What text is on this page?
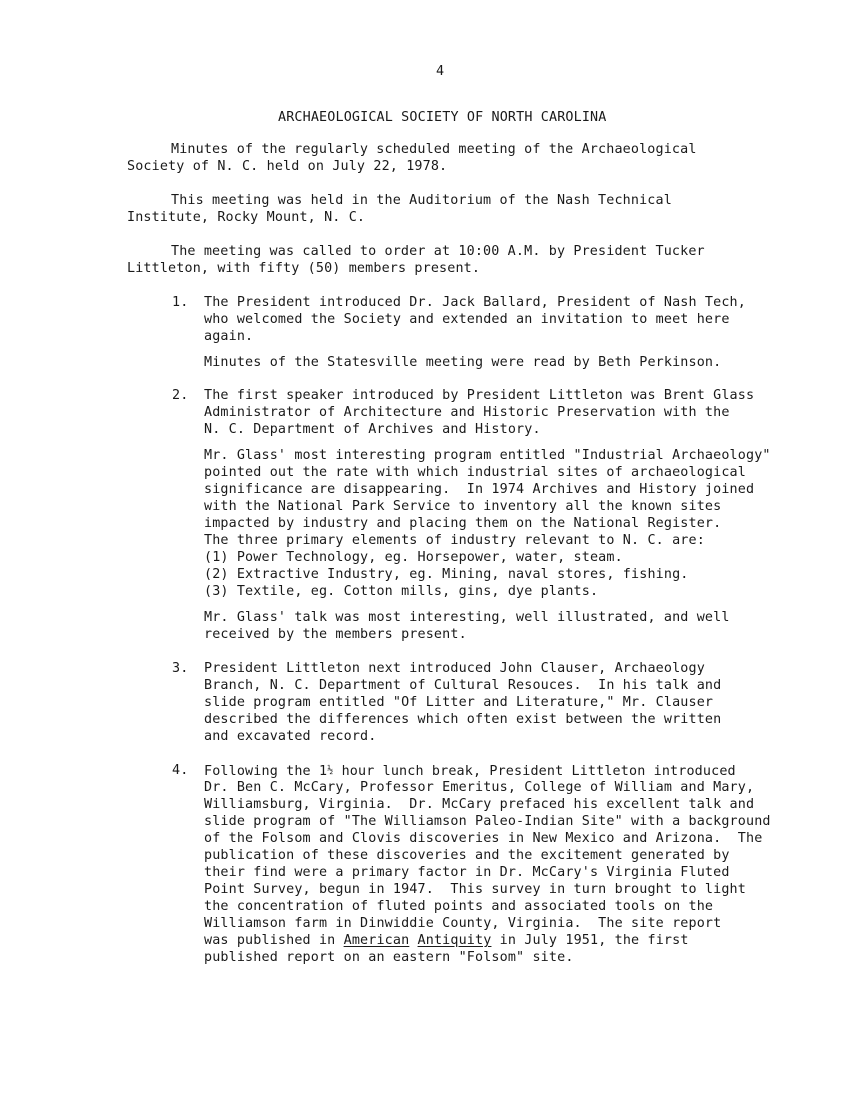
4
ARCHAEOLOGICAL SOCIETY OF NORTH CAROLINA
Minutes of the regularly scheduled meeting of the Archaeological
Society of N. C. held on July 22, 1978.
This meeting was held in the Auditorium of the Nash Technical
Institute, Rocky Mount, N. C.
The meeting was called to order at 10:00 A.M. by President Tucker
Littleton, with fifty (50) members present.
1. The President introduced Dr. Jack Ballard, President of Nash Tech,
who welcomed the Society and extended an invitation to meet here
again.
Minutes of the Statesville meeting were read by Beth Perkinson.
2. The first speaker introduced by President Littleton was Brent Glass
Administrator of Architecture and Historic Preservation with the
N. C. Department of Archives and History.
Mr. Glass' most interesting program entitled "Industrial Archaeology"
pointed out the rate with which industrial sites of archaeological
significance are disappearing.  In 1974 Archives and History joined
with the National Park Service to inventory all the known sites
impacted by industry and placing them on the National Register.
The three primary elements of industry relevant to N. C. are:
(1) Power Technology, eg. Horsepower, water, steam.
(2) Extractive Industry, eg. Mining, naval stores, fishing.
(3) Textile, eg. Cotton mills, gins, dye plants.
Mr. Glass' talk was most interesting, well illustrated, and well
received by the members present.
3. President Littleton next introduced John Clauser, Archaeology
Branch, N. C. Department of Cultural Resouces.  In his talk and
slide program entitled "Of Litter and Literature," Mr. Clauser
described the differences which often exist between the written
and excavated record.
4. Following the 1½ hour lunch break, President Littleton introduced
Dr. Ben C. McCary, Professor Emeritus, College of William and Mary,
Williamsburg, Virginia.  Dr. McCary prefaced his excellent talk and
slide program of "The Williamson Paleo-Indian Site" with a background
of the Folsom and Clovis discoveries in New Mexico and Arizona.  The
publication of these discoveries and the excitement generated by
their find were a primary factor in Dr. McCary's Virginia Fluted
Point Survey, begun in 1947.  This survey in turn brought to light
the concentration of fluted points and associated tools on the
Williamson farm in Dinwiddie County, Virginia.  The site report
was published in American Antiquity in July 1951, the first
published report on an eastern "Folsom" site.
